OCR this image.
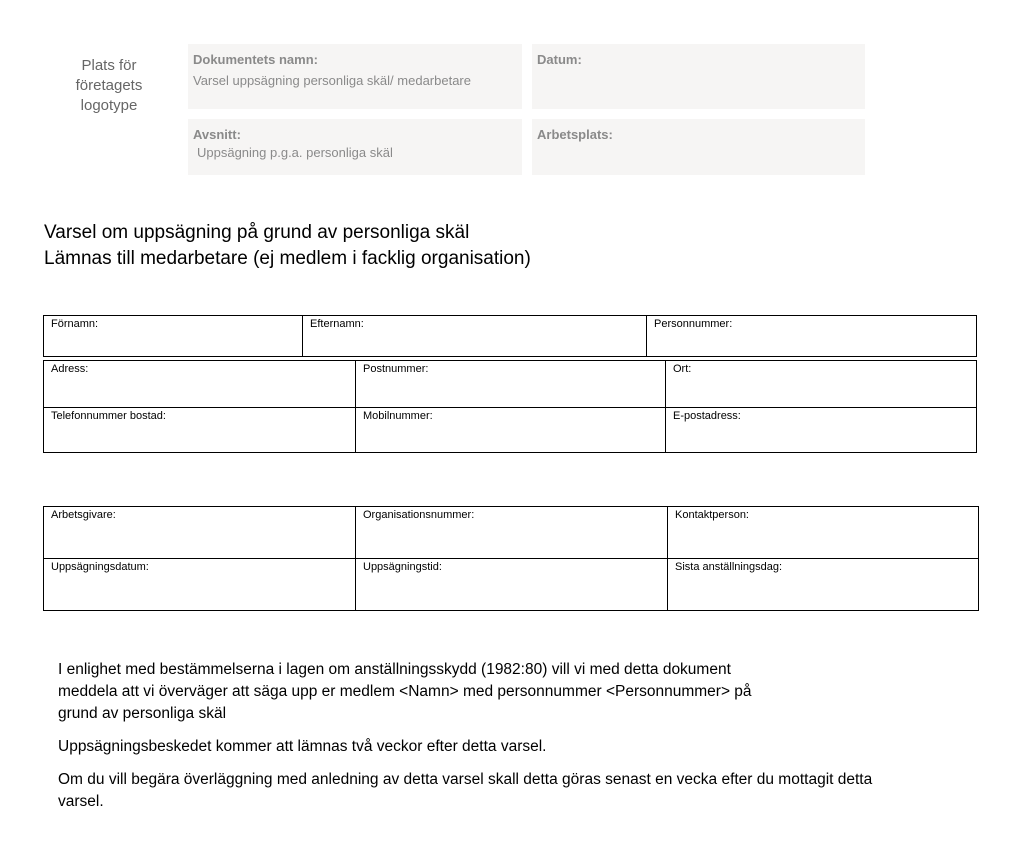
Plats för
företagets
logotype
Dokumentets namn:
Varsel uppsägning personliga skäl/ medarbetare
Datum:
Avsnitt:
Uppsägning p.g.a. personliga skäl
Arbetsplats:
Varsel om uppsägning på grund av personliga skäl
Lämnas till medarbetare (ej medlem i facklig organisation)
Förnamn:	Efternamn:	Personnummer:
Adress:	Postnummer:	Ort:
Telefonnummer bostad:	Mobilnummer:	E-postadress:
Arbetsgivare:	Organisationsnummer:	Kontaktperson:
Uppsägningsdatum:	Uppsägningstid:	Sista anställningsdag:

I enlighet med bestämmelserna i lagen om anställningsskydd (1982:80) vill vi med detta dokument
meddela att vi överväger att säga upp er medlem <Namn> med personnummer <Personnummer> på
grund av personliga skäl

Uppsägningsbeskedet kommer att lämnas två veckor efter detta varsel.

Om du vill begära överläggning med anledning av detta varsel skall detta göras senast en vecka efter du mottagit detta
varsel.
